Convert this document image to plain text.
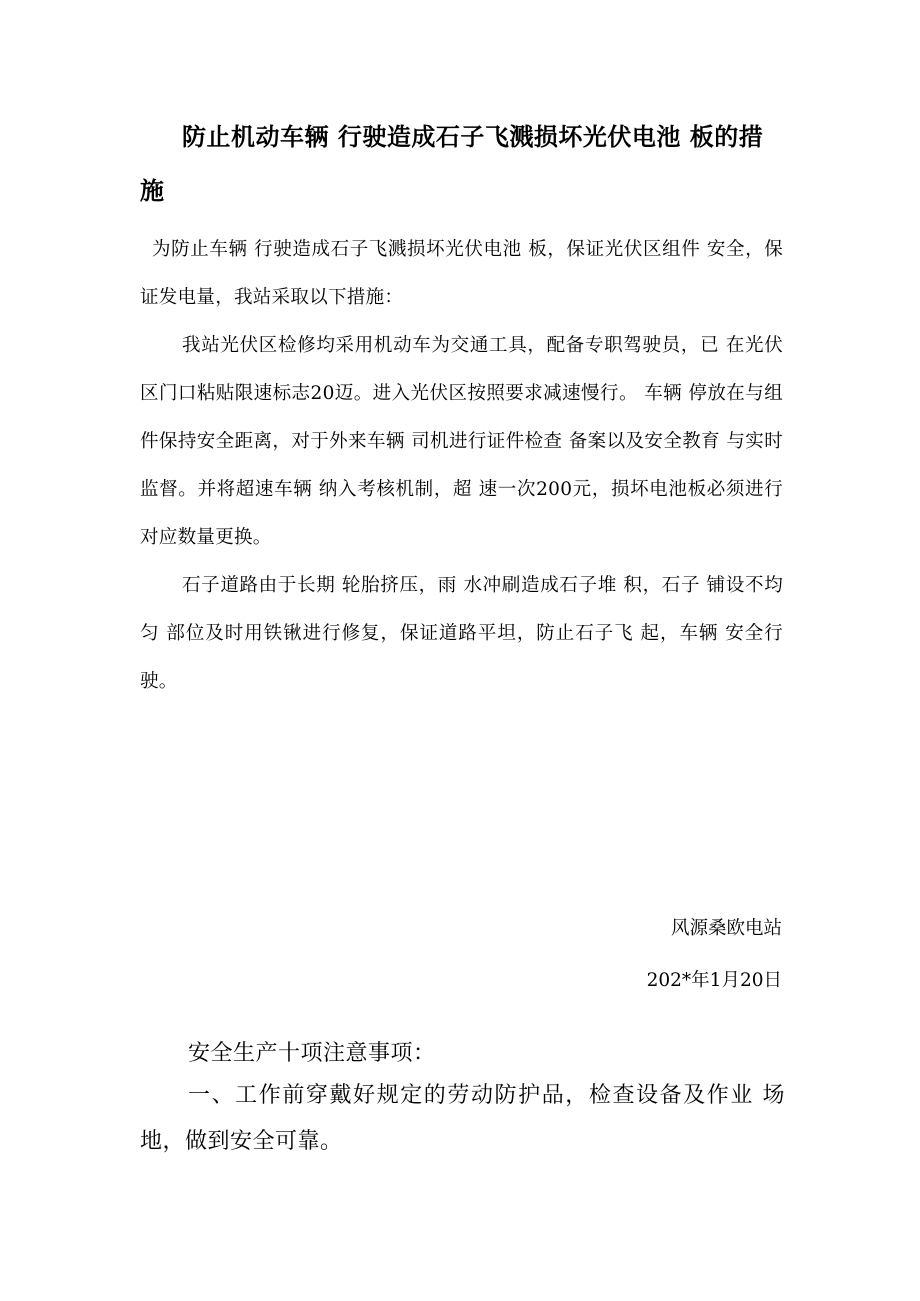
防止机动车辆 行驶造成石子飞溅损坏光伏电池 板的措施

为防止车辆 行驶造成石子飞溅损坏光伏电池 板，保证光伏区组件 安全，保证发电量，我站采取以下措施：

我站光伏区检修均采用机动车为交通工具，配备专职驾驶员，已 在光伏区门口粘贴限速标志20迈。进入光伏区按照要求减速慢行。 车辆 停放在与组件保持安全距离，对于外来车辆 司机进行证件检查 备案以及安全教育 与实时监督。并将超速车辆 纳入考核机制，超 速一次200元，损坏电池板必须进行对应数量更换。

石子道路由于长期 轮胎挤压，雨 水冲刷造成石子堆 积，石子 铺设不均匀 部位及时用铁锹进行修复，保证道路平坦，防止石子飞 起，车辆 安全行驶。

风源桑欧电站

202*年1月20日

安全生产十项注意事项：

一、工作前穿戴好规定的劳动防护品，检查设备及作业 场地，做到安全可靠。
